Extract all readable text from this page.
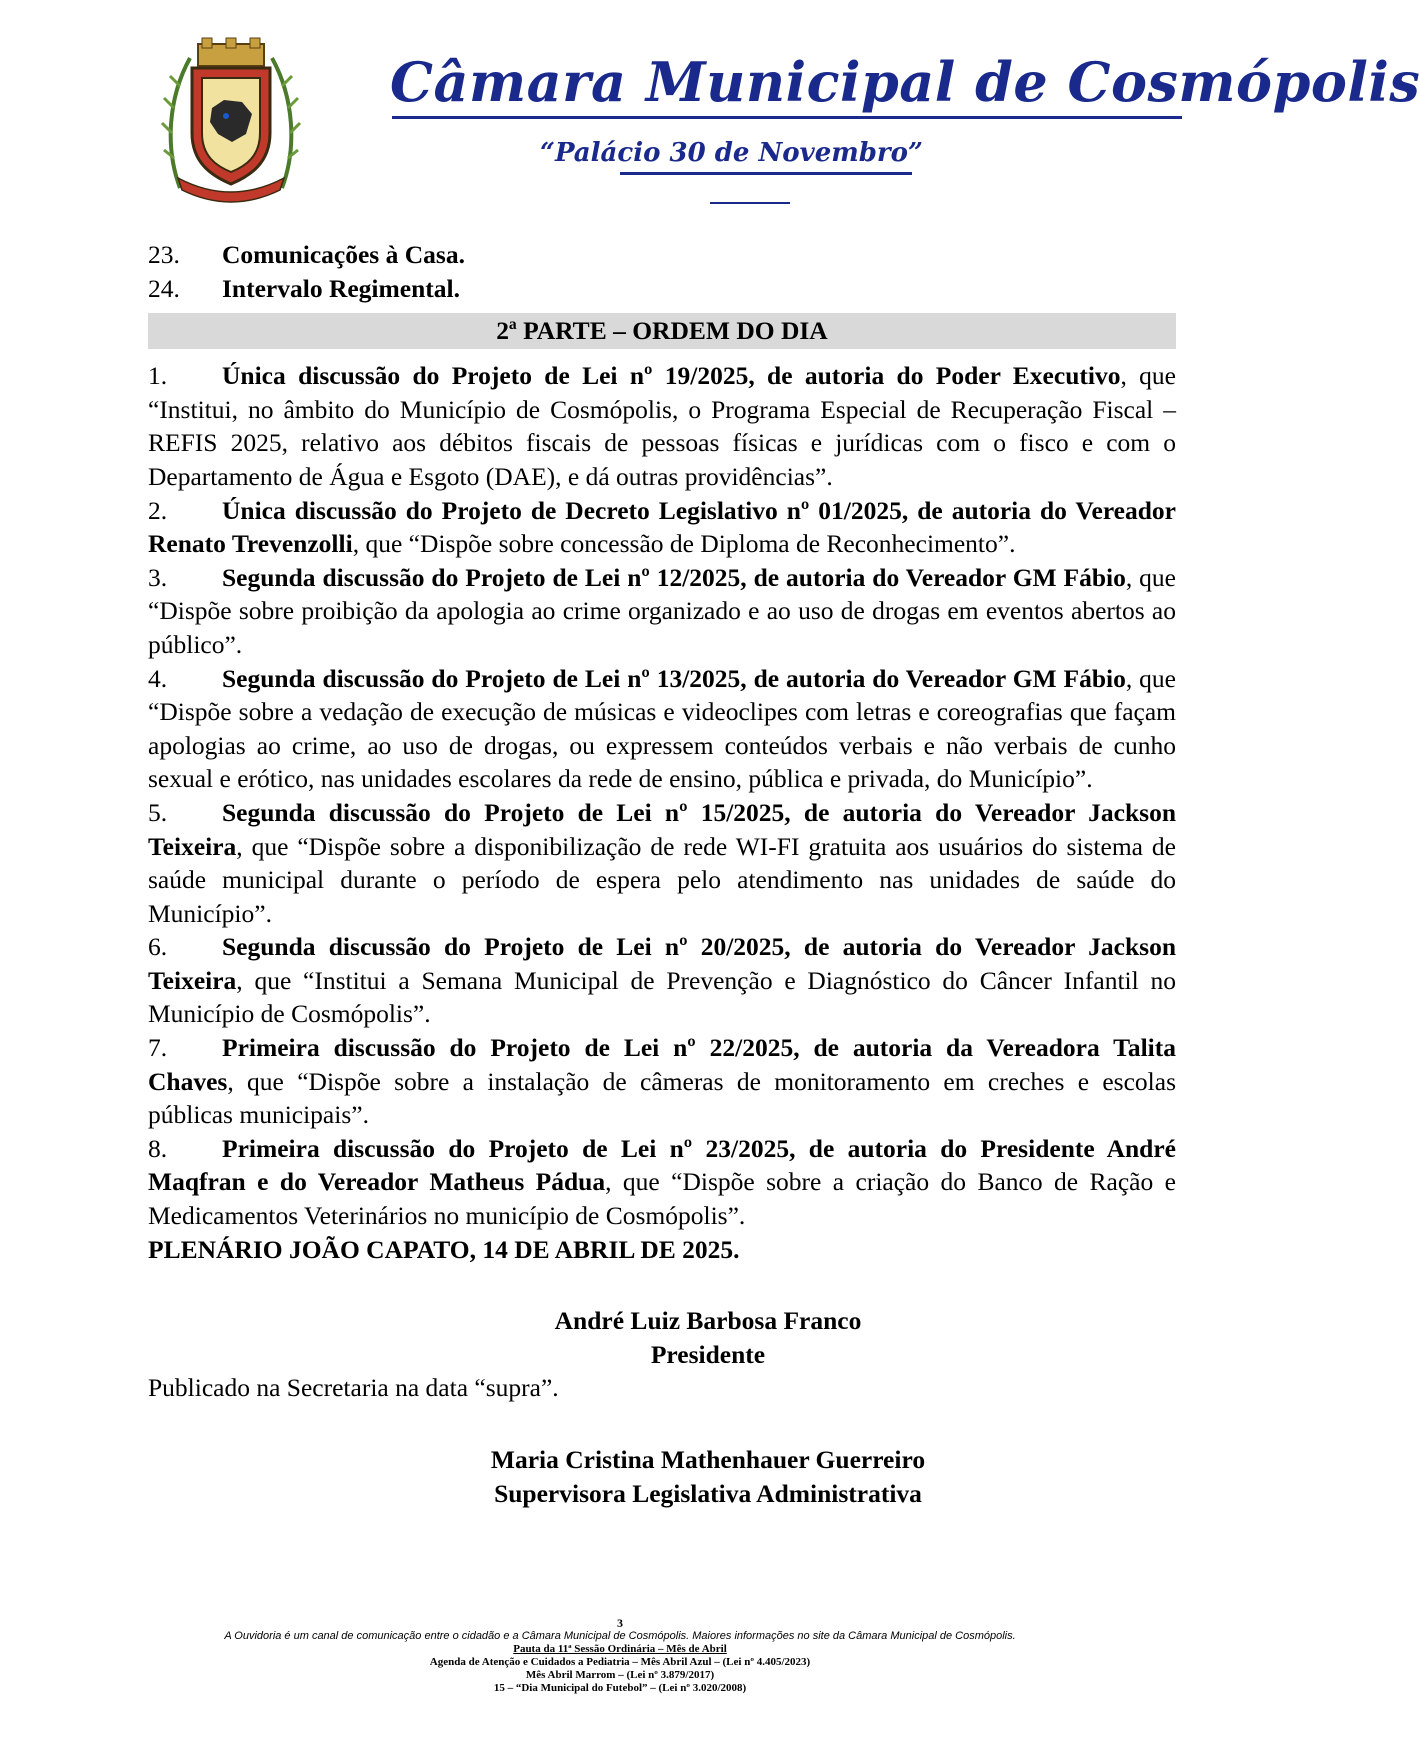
Câmara Municipal de Cosmópolis
“Palácio 30 de Novembro”
23.	Comunicações à Casa.
24.	Intervalo Regimental.
2ª PARTE – ORDEM DO DIA

1. Única discussão do Projeto de Lei nº 19/2025, de autoria do Poder Executivo, que “Institui, no âmbito do Município de Cosmópolis, o Programa Especial de Recuperação Fiscal – REFIS 2025, relativo aos débitos fiscais de pessoas físicas e jurídicas com o fisco e com o Departamento de Água e Esgoto (DAE), e dá outras providências”.

2. Única discussão do Projeto de Decreto Legislativo nº 01/2025, de autoria do Vereador Renato Trevenzolli, que “Dispõe sobre concessão de Diploma de Reconhecimento”.

3. Segunda discussão do Projeto de Lei nº 12/2025, de autoria do Vereador GM Fábio, que “Dispõe sobre proibição da apologia ao crime organizado e ao uso de drogas em eventos abertos ao público”.

4. Segunda discussão do Projeto de Lei nº 13/2025, de autoria do Vereador GM Fábio, que “Dispõe sobre a vedação de execução de músicas e videoclipes com letras e coreografias que façam apologias ao crime, ao uso de drogas, ou expressem conteúdos verbais e não verbais de cunho sexual e erótico, nas unidades escolares da rede de ensino, pública e privada, do Município”.

5. Segunda discussão do Projeto de Lei nº 15/2025, de autoria do Vereador Jackson Teixeira, que “Dispõe sobre a disponibilização de rede WI-FI gratuita aos usuários do sistema de saúde municipal durante o período de espera pelo atendimento nas unidades de saúde do Município”.

6. Segunda discussão do Projeto de Lei nº 20/2025, de autoria do Vereador Jackson Teixeira, que “Institui a Semana Municipal de Prevenção e Diagnóstico do Câncer Infantil no Município de Cosmópolis”.

7. Primeira discussão do Projeto de Lei nº 22/2025, de autoria da Vereadora Talita Chaves, que “Dispõe sobre a instalação de câmeras de monitoramento em creches e escolas públicas municipais”.

8. Primeira discussão do Projeto de Lei nº 23/2025, de autoria do Presidente André Maqfran e do Vereador Matheus Pádua, que “Dispõe sobre a criação do Banco de Ração e Medicamentos Veterinários no município de Cosmópolis”.

PLENÁRIO JOÃO CAPATO, 14 DE ABRIL DE 2025.
André Luiz Barbosa Franco
Presidente
Publicado na Secretaria na data “supra”.
Maria Cristina Mathenhauer Guerreiro
Supervisora Legislativa Administrativa
3
A Ouvidoria é um canal de comunicação entre o cidadão e a Câmara Municipal de Cosmópolis. Maiores informações no site da Câmara Municipal de Cosmópolis.
Pauta da 11ª Sessão Ordinária – Mês de Abril
Agenda de Atenção e Cuidados a Pediatria – Mês Abril Azul – (Lei nº 4.405/2023)
Mês Abril Marrom – (Lei nº 3.879/2017)
15 – “Dia Municipal do Futebol” – (Lei nº 3.020/2008)
